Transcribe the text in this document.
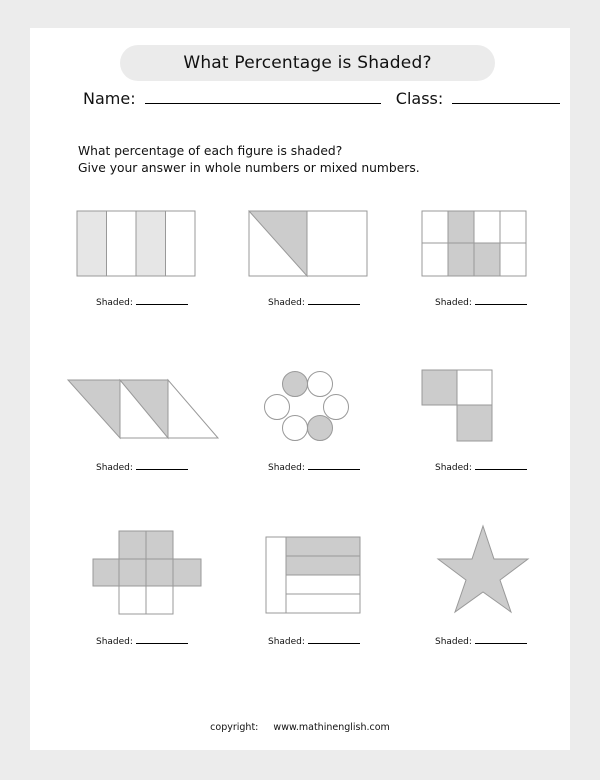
What Percentage is Shaded?
Name:	Class:
What percentage of each figure is shaded?
Give your answer in whole numbers or mixed numbers.
Shaded:	Shaded:	Shaded:
Shaded:	Shaded:	Shaded:
Shaded:	Shaded:	Shaded:
copyright: www.mathinenglish.com
